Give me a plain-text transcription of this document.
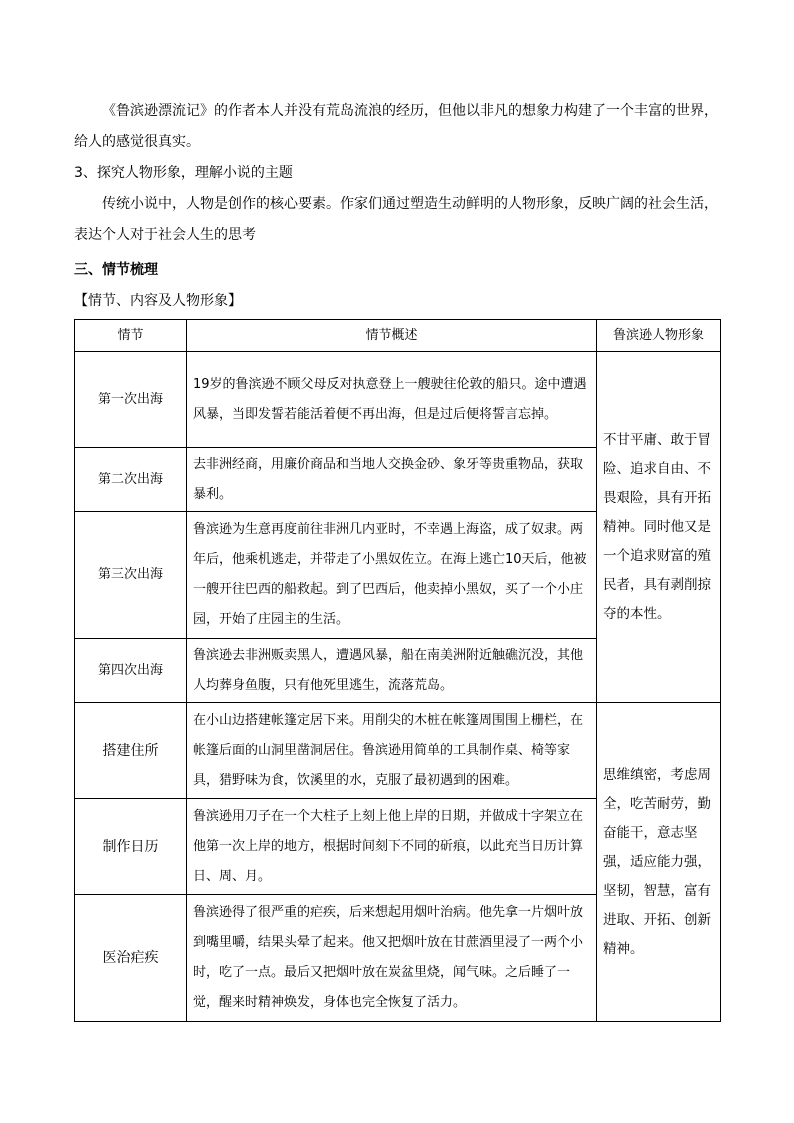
《鲁滨逊漂流记》的作者本人并没有荒岛流浪的经历，但他以非凡的想象力构建了一个丰富的世界，给人的感觉很真实。

3、探究人物形象，理解小说的主题

传统小说中，人物是创作的核心要素。作家们通过塑造生动鲜明的人物形象，反映广阔的社会生活，表达个人对于社会人生的思考

三、情节梳理
【情节、内容及人物形象】
情节	情节概述	鲁滨逊人物形象
第一次出海	19岁的鲁滨逊不顾父母反对执意登上一艘驶往伦敦的船只。途中遭遇风暴，当即发誓若能活着便不再出海，但是过后便将誓言忘掉。	不甘平庸、敢于冒险、追求自由、不畏艰险，具有开拓精神。同时他又是一个追求财富的殖民者，具有剥削掠夺的本性。
第二次出海	去非洲经商，用廉价商品和当地人交换金砂、象牙等贵重物品，获取暴利。	
第三次出海	鲁滨逊为生意再度前往非洲几内亚时，不幸遇上海盗，成了奴隶。两年后，他乘机逃走，并带走了小黑奴佐立。在海上逃亡10天后，他被一艘开往巴西的船救起。到了巴西后，他卖掉小黑奴，买了一个小庄园，开始了庄园主的生活。	
第四次出海	鲁滨逊去非洲贩卖黑人，遭遇风暴，船在南美洲附近触礁沉没，其他人均葬身鱼腹，只有他死里逃生，流落荒岛。	
搭建住所	在小山边搭建帐篷定居下来。用削尖的木桩在帐篷周围围上栅栏，在帐篷后面的山洞里凿洞居住。鲁滨逊用简单的工具制作桌、椅等家具，猎野味为食，饮溪里的水，克服了最初遇到的困难。	思维缜密，考虑周全，吃苦耐劳，勤奋能干，意志坚强，适应能力强，坚韧，智慧，富有进取、开拓、创新精神。
制作日历	鲁滨逊用刀子在一个大柱子上刻上他上岸的日期，并做成十字架立在他第一次上岸的地方，根据时间刻下不同的斫痕，以此充当日历计算日、周、月。	
医治疟疾	鲁滨逊得了很严重的疟疾，后来想起用烟叶治病。他先拿一片烟叶放到嘴里嚼，结果头晕了起来。他又把烟叶放在甘蔗酒里浸了一两个小时，吃了一点。最后又把烟叶放在炭盆里烧，闻气味。之后睡了一觉，醒来时精神焕发，身体也完全恢复了活力。	
